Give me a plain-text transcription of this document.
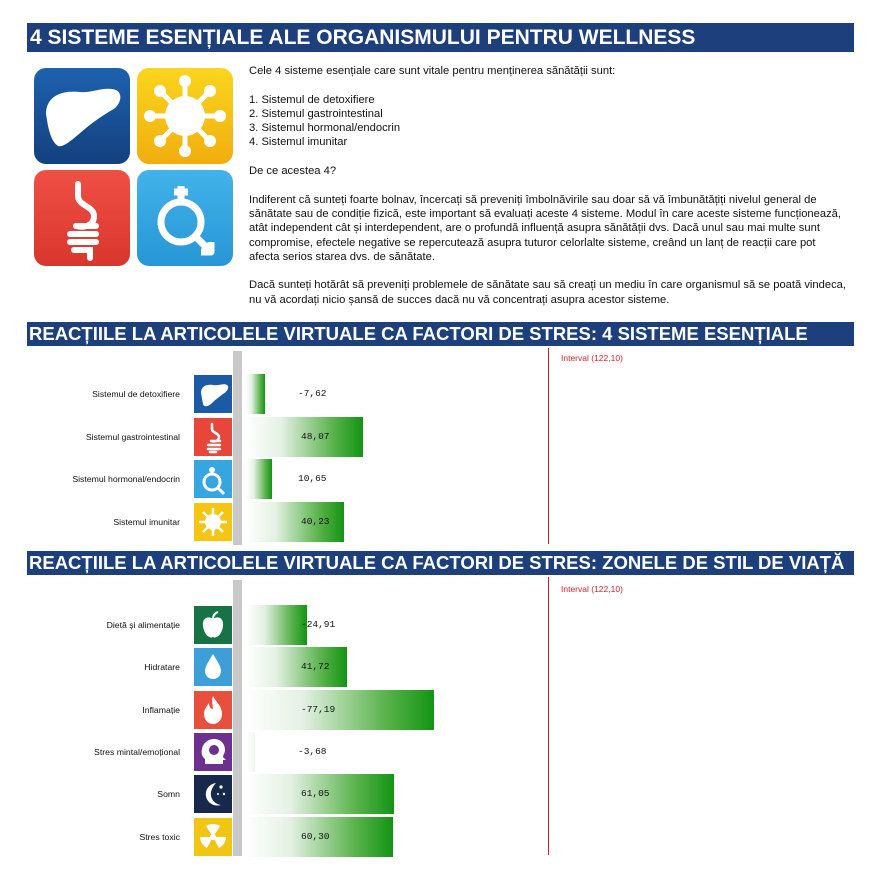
4 SISTEME ESENȚIALE ALE ORGANISMULUI PENTRU WELLNESS

Cele 4 sisteme esențiale care sunt vitale pentru menținerea sănătății sunt:

1. Sistemul de detoxifiere
2. Sistemul gastrointestinal
3. Sistemul hormonal/endocrin
4. Sistemul imunitar

De ce acestea 4?

Indiferent că sunteți foarte bolnav, încercați să preveniți îmbolnăvirile sau doar să vă îmbunătățiți nivelul general de sănătate sau de condiție fizică, este important să evaluați aceste 4 sisteme. Modul în care aceste sisteme funcționează, atât independent cât și interdependent, are o profundă influență asupra sănătății dvs. Dacă unul sau mai multe sunt compromise, efectele negative se repercutează asupra tuturor celorlalte sisteme, creând un lanț de reacții care pot afecta serios starea dvs. de sănătate.

Dacă sunteți hotărât să preveniți problemele de sănătate sau să creați un mediu în care organismul să se poată vindeca, nu vă acordați nicio șansă de succes dacă nu vă concentrați asupra acestor sisteme.

REACȚIILE LA ARTICOLELE VIRTUALE CA FACTORI DE STRES: 4 SISTEME ESENȚIALE
Interval (122,10)
Sistemul de detoxifiere	-7,62
Sistemul gastrointestinal	48,07
Sistemul hormonal/endocrin	10,65
Sistemul imunitar	40,23
REACȚIILE LA ARTICOLELE VIRTUALE CA FACTORI DE STRES: ZONELE DE STIL DE VIAȚĂ
Interval (122,10)
Dietă și alimentație	-24,91
Hidratare	41,72
Inflamație	-77,19
Stres mintal/emoțional	-3,68
Somn	61,05
Stres toxic	60,30
